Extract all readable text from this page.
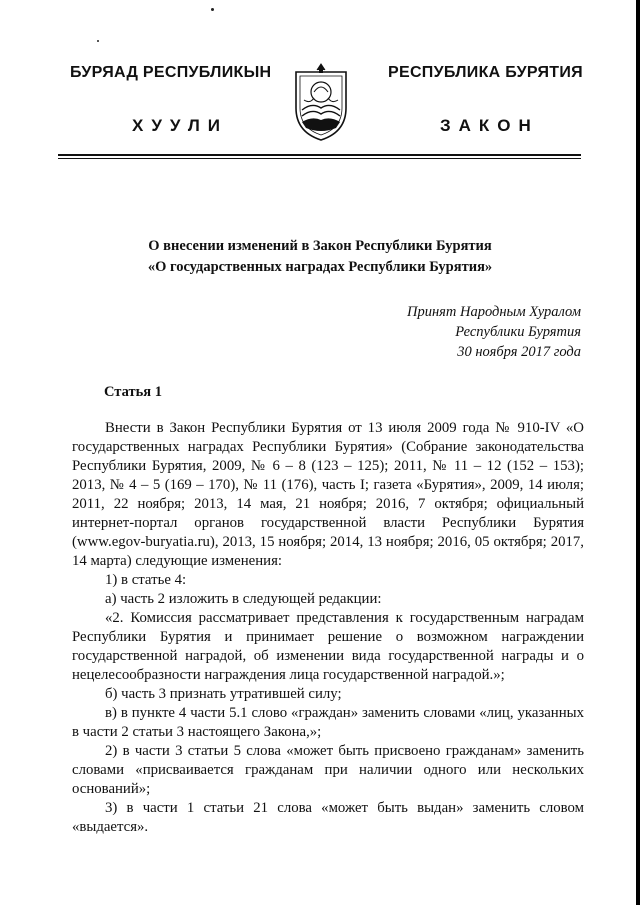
БУРЯАД РЕСПУБЛИКЫН	РЕСПУБЛИКА БУРЯТИЯ
ХУУЛИ	ЗАКОН
О внесении изменений в Закон Республики Бурятия
«О государственных наградах Республики Бурятия»
Принят Народным Хуралом
Республики Бурятия
30 ноября 2017 года
Статья 1

Внести в Закон Республики Бурятия от 13 июля 2009 года № 910-IV «О государственных наградах Республики Бурятия» (Собрание законодательства Республики Бурятия, 2009, № 6 – 8 (123 – 125); 2011, № 11 – 12 (152 – 153); 2013, № 4 – 5 (169 – 170), № 11 (176), часть I; газета «Бурятия», 2009, 14 июля; 2011, 22 ноября; 2013, 14 мая, 21 ноября; 2016, 7 октября; официальный интернет-портал органов государственной власти Республики Бурятия (www.egov-buryatia.ru), 2013, 15 ноября; 2014, 13 ноября; 2016, 05 октября; 2017, 14 марта) следующие изменения:

1) в статье 4:

а) часть 2 изложить в следующей редакции:

«2. Комиссия рассматривает представления к государственным наградам Республики Бурятия и принимает решение о возможном награждении государственной наградой, об изменении вида государственной награды и о нецелесообразности награждения лица государственной наградой.»;

б) часть 3 признать утратившей силу;

в) в пункте 4 части 5.1 слово «граждан» заменить словами «лиц, указанных в части 2 статьи 3 настоящего Закона,»;

2) в части 3 статьи 5 слова «может быть присвоено гражданам» заменить словами «присваивается гражданам при наличии одного или нескольких оснований»;

3) в части 1 статьи 21 слова «может быть выдан» заменить словом «выдается».
